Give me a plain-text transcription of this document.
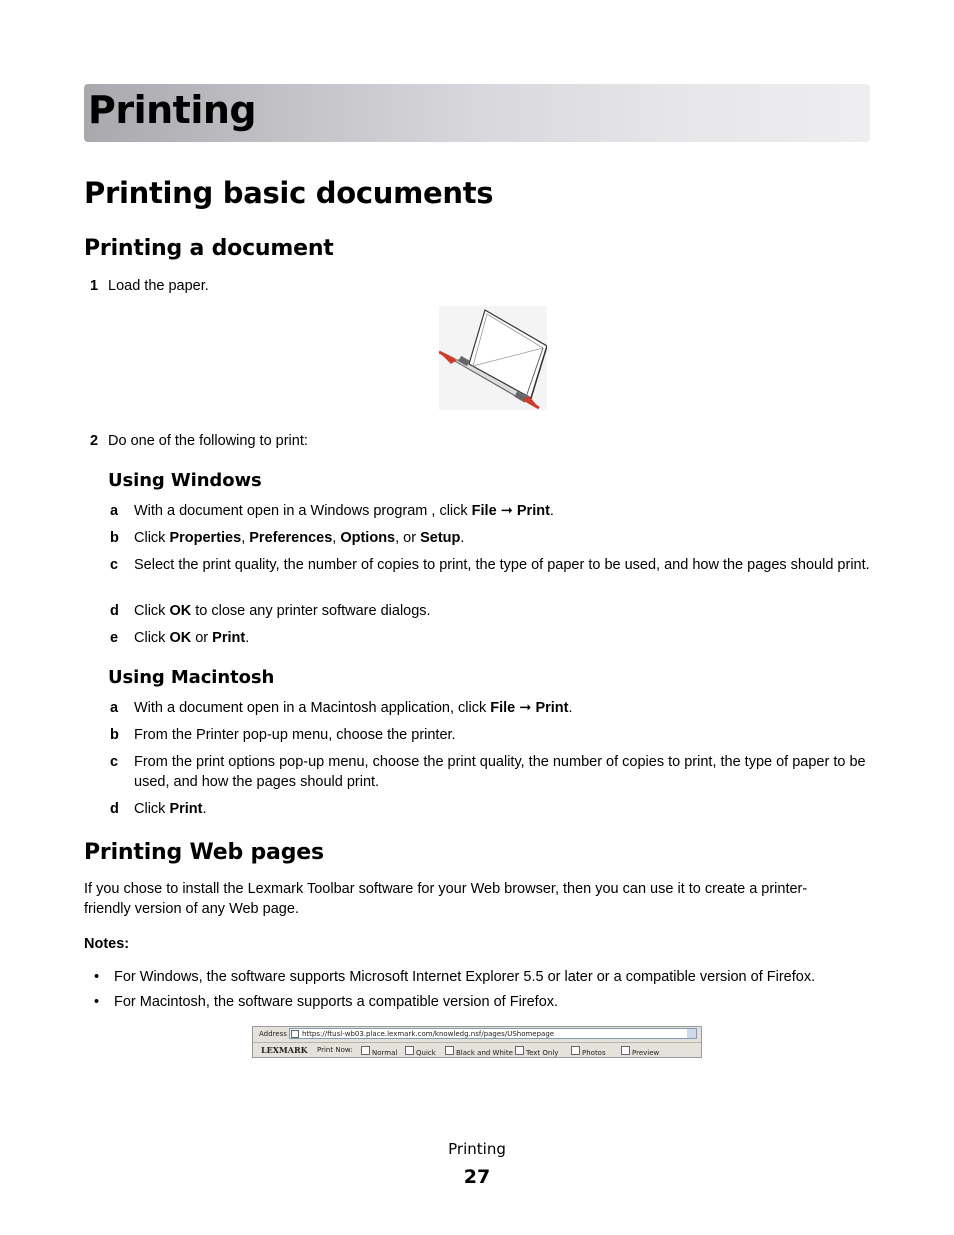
Printing
Printing basic documents
Printing a document
1 Load the paper.
2 Do one of the following to print:
Using Windows
a With a document open in a Windows program , click File ➞ Print.
b Click Properties, Preferences, Options, or Setup.
c Select the print quality, the number of copies to print, the type of paper to be used, and how the pages should print.
d Click OK to close any printer software dialogs.
e Click OK or Print.
Using Macintosh
a With a document open in a Macintosh application, click File ➞ Print.
b From the Printer pop-up menu, choose the printer.
c From the print options pop-up menu, choose the print quality, the number of copies to print, the type of paper to be used, and how the pages should print.
d Click Print.
Printing Web pages

If you chose to install the Lexmark Toolbar software for your Web browser, then you can use it to create a printer-friendly version of any Web page.

Notes:

• For Windows, the software supports Microsoft Internet Explorer 5.5 or later or a compatible version of Firefox.
• For Macintosh, the software supports a compatible version of Firefox.
Address https://ftusl-wb03.place.lexmark.com/knowledg.nsf/pages/UShomepage
LEXMARK Print Now:	Normal	Quick	Black and White Text Only	Photos	Preview
Printing
27
